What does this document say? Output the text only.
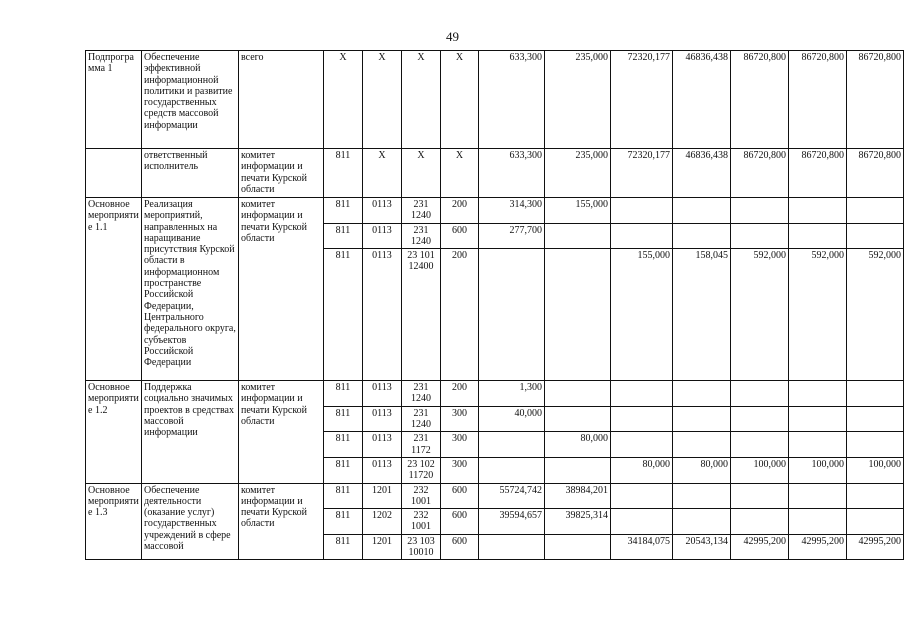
49
Подпрограмма 1	Обеспечение эффективной информационной политики и развитие государственных средств массовой информации	всего	Х	Х	Х	Х	633,300	235,000	72320,177	46836,438	86720,800	86720,800	86720,800
	ответственный исполнитель	комитет информации и печати Курской области	811	Х	Х	Х	633,300	235,000	72320,177	46836,438	86720,800	86720,800	86720,800
Основное мероприятие 1.1	Реализация мероприятий, направленных на наращивание присутствия Курской области в информационном пространстве Российской Федерации, Центрального федерального округа, субъектов Российской Федерации	комитет информации и печати Курской области	811	0113	231 1240	200	314,300	155,000					
			811	0113	231 1240	600	277,700						
			811	0113	23 101 12400	200			155,000	158,045	592,000	592,000	592,000
Основное мероприятие 1.2	Поддержка социально значимых проектов в средствах массовой информации	комитет информации и печати Курской области	811	0113	231 1240	200	1,300						
			811	0113	231 1240	300	40,000						
			811	0113	231 1172	300		80,000					
			811	0113	23 102 11720	300			80,000	80,000	100,000	100,000	100,000
Основное мероприятие 1.3	Обеспечение деятельности (оказание услуг) государственных учреждений в сфере массовой	комитет информации и печати Курской области	811	1201	232 1001	600	55724,742	38984,201					
			811	1202	232 1001	600	39594,657	39825,314					
			811	1201	23 103 10010	600			34184,075	20543,134	42995,200	42995,200	42995,200
